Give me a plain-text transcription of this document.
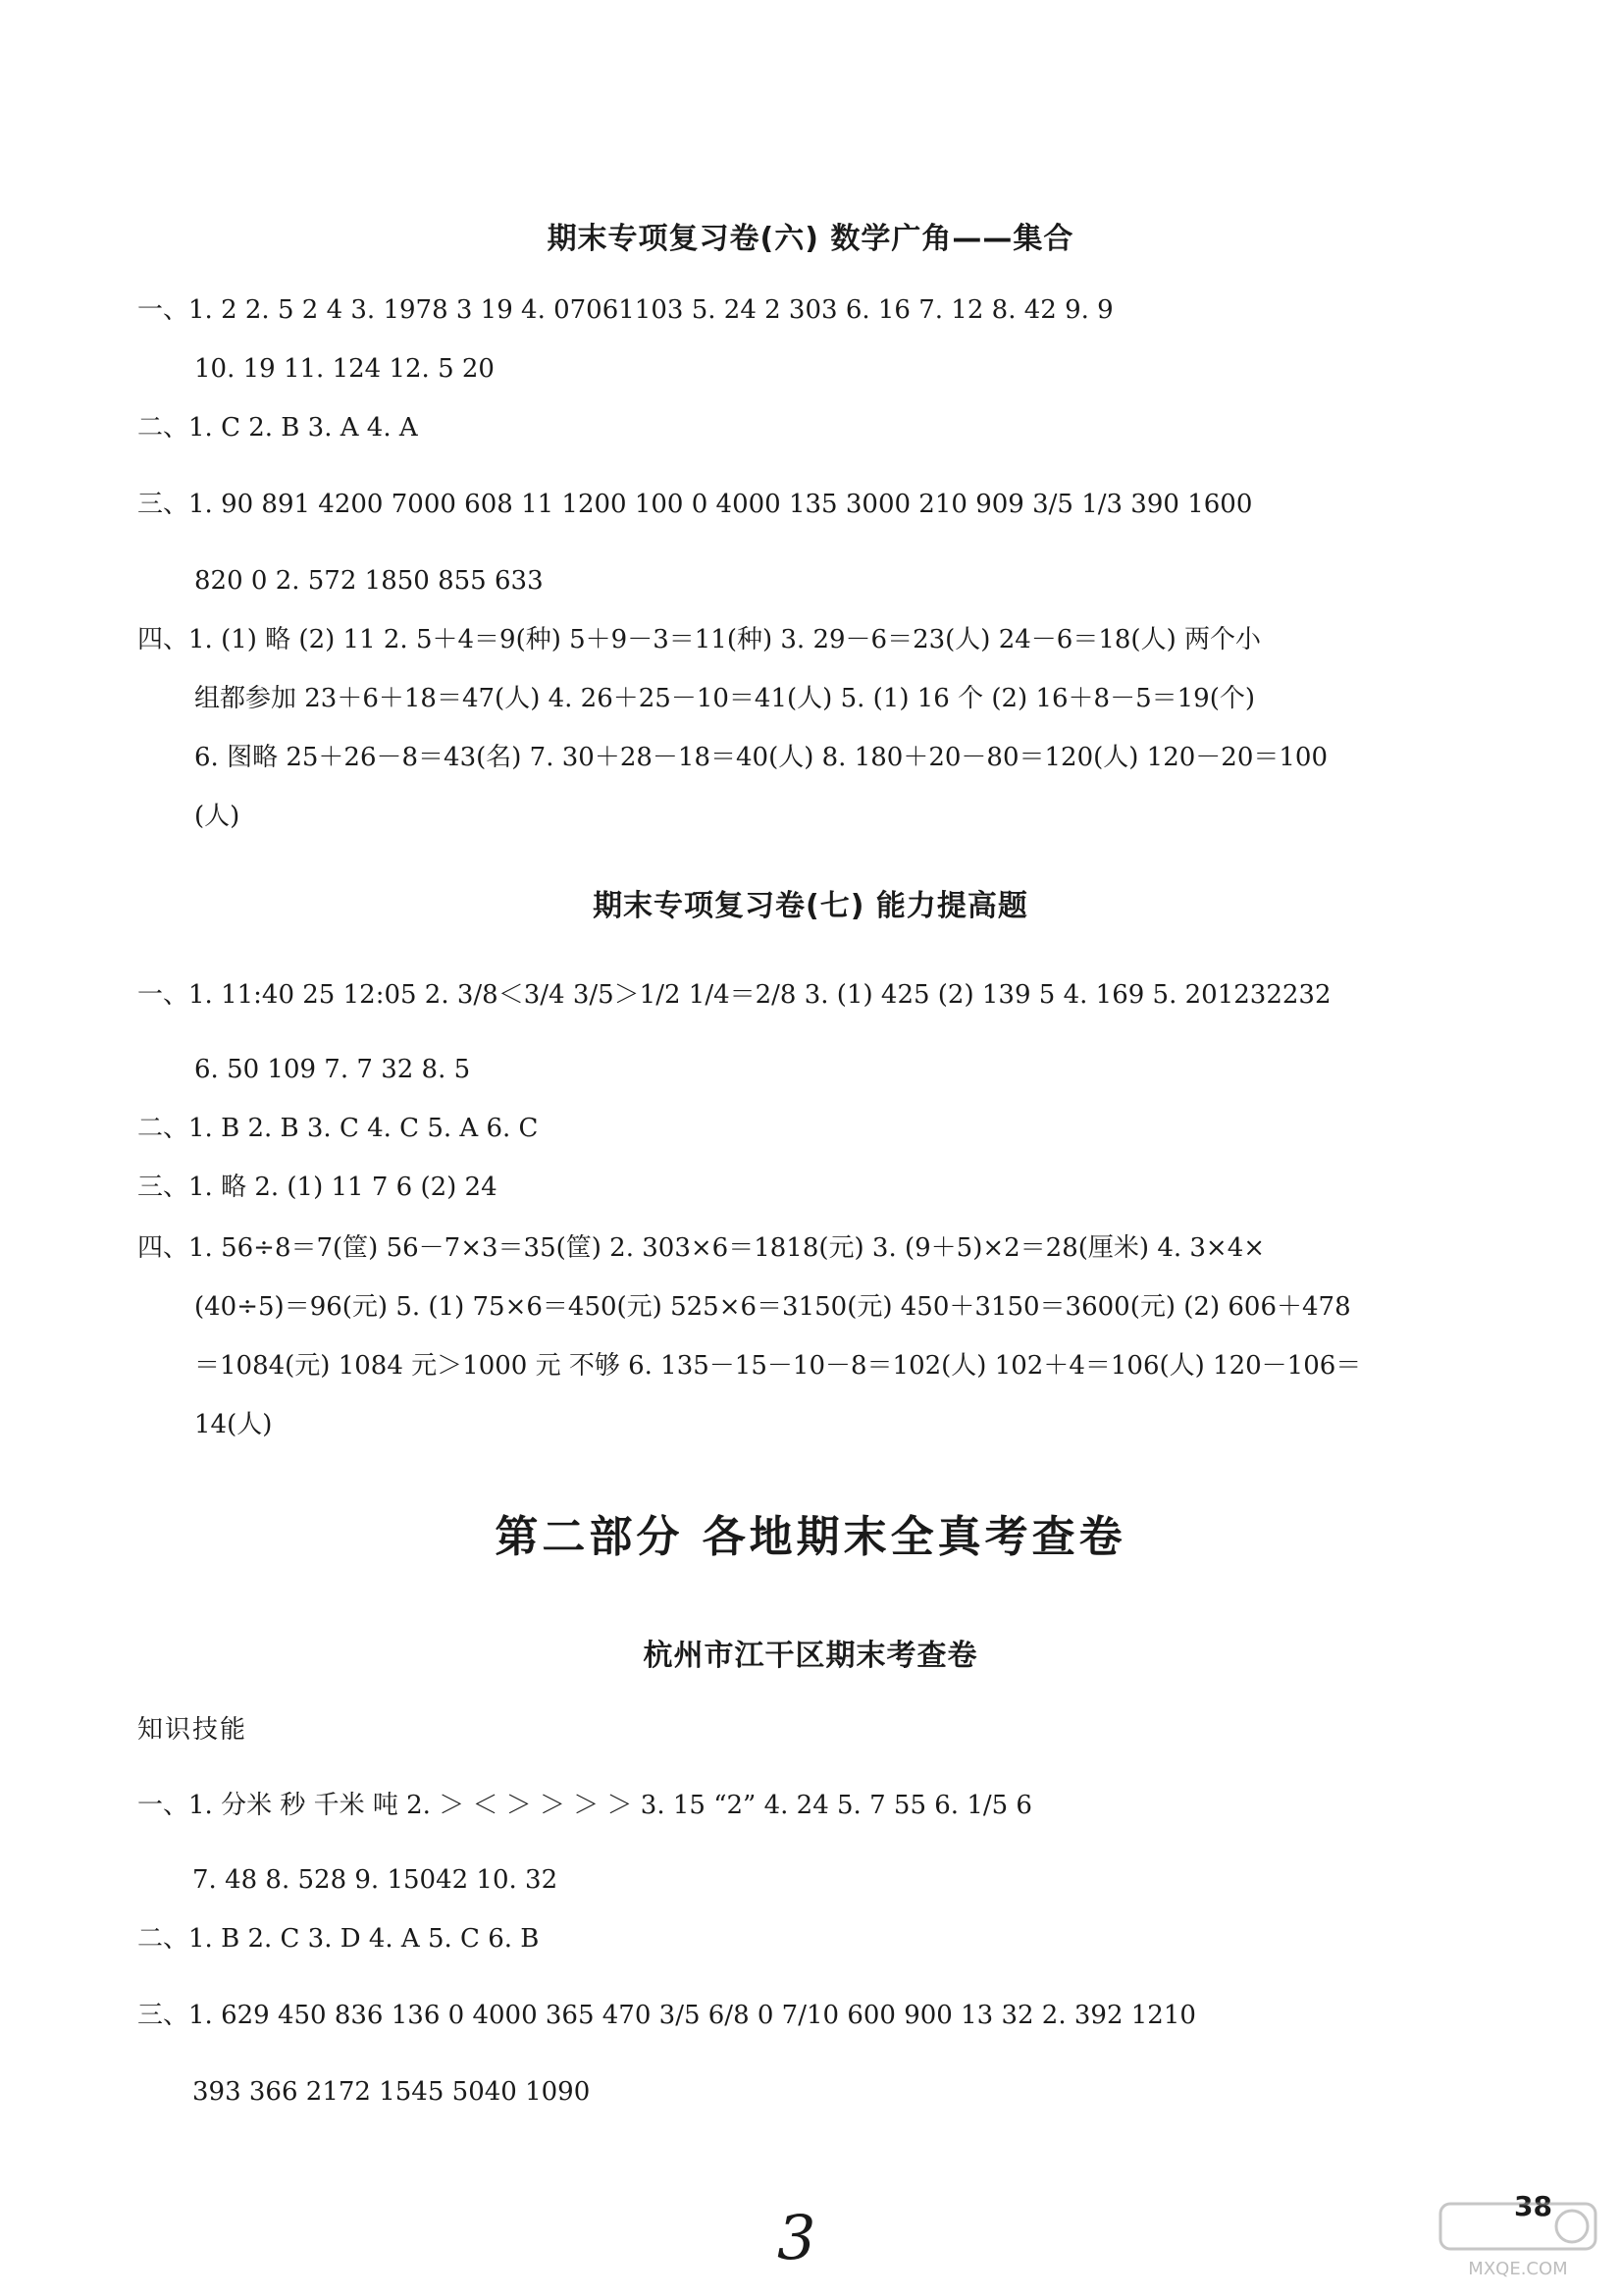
期末专项复习卷(六) 数学广角——集合
一、1. 2 2. 5 2 4 3. 1978 3 19 4. 07061103 5. 24 2 303 6. 16 7. 12 8. 42 9. 9
10. 19 11. 124 12. 5 20
二、1. C 2. B 3. A 4. A
三、1. 90 891 4200 7000 608 11 1200 100 0 4000 135 3000 210 909 3/5 1/3 390 1600
820 0 2. 572 1850 855 633
四、1. (1) 略 (2) 11 2. 5＋4＝9(种) 5＋9－3＝11(种) 3. 29－6＝23(人) 24－6＝18(人) 两个小
组都参加 23＋6＋18＝47(人) 4. 26＋25－10＝41(人) 5. (1) 16 个 (2) 16＋8－5＝19(个)
6. 图略 25＋26－8＝43(名) 7. 30＋28－18＝40(人) 8. 180＋20－80＝120(人) 120－20＝100
(人)
期末专项复习卷(七) 能力提高题
一、1. 11:40 25 12:05 2. 3/8＜3/4 3/5＞1/2 1/4＝2/8 3. (1) 425 (2) 139 5 4. 169 5. 201232232
6. 50 109 7. 7 32 8. 5
二、1. B 2. B 3. C 4. C 5. A 6. C
三、1. 略 2. (1) 11 7 6 (2) 24
四、1. 56÷8＝7(筐) 56－7×3＝35(筐) 2. 303×6＝1818(元) 3. (9＋5)×2＝28(厘米) 4. 3×4×
(40÷5)＝96(元) 5. (1) 75×6＝450(元) 525×6＝3150(元) 450＋3150＝3600(元) (2) 606＋478
＝1084(元) 1084 元＞1000 元 不够 6. 135－15－10－8＝102(人) 102＋4＝106(人) 120－106＝
14(人)
第二部分 各地期末全真考查卷
杭州市江干区期末考查卷
知识技能
一、1. 分米 秒 千米 吨 2. ＞ ＜ ＞ ＞ ＞ ＞ 3. 15 “2” 4. 24 5. 7 55 6. 1/5 6
7. 48 8. 528 9. 15042 10. 32
二、1. B 2. C 3. D 4. A 5. C 6. B
三、1. 629 450 836 136 0 4000 365 470 3/5 6/8 0 7/10 600 900 13 32 2. 392 1210
393 366 2172 1545 5040 1090
3	38
MXQE.COM
